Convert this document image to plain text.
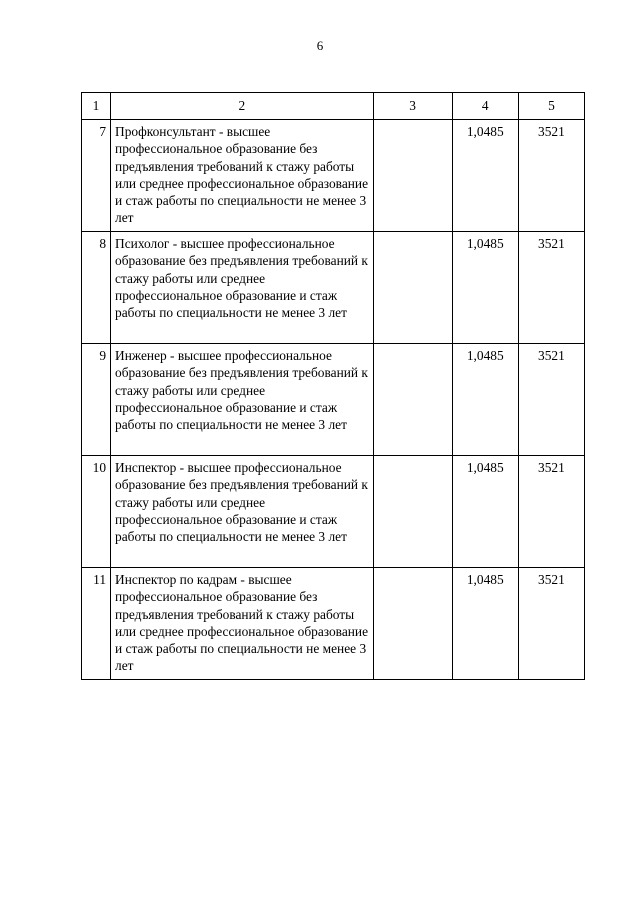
6
1	2	3	4	5
7	Профконсультант - высшее профессиональное образование без предъявления требований к стажу работы или среднее профессиональное образование и стаж работы по специальности не менее 3 лет		1,0485	3521
8	Психолог - высшее профессиональное образование без предъявления требований к стажу работы или среднее профессиональное образование и стаж работы по специальности не менее 3 лет		1,0485	3521
9	Инженер - высшее профессиональное образование без предъявления требований к стажу работы или среднее профессиональное образование и стаж работы по специальности не менее 3 лет		1,0485	3521
10	Инспектор - высшее профессиональное образование без предъявления требований к стажу работы или среднее профессиональное образование и стаж работы по специальности не менее 3 лет		1,0485	3521
11	Инспектор по кадрам - высшее профессиональное образование без предъявления требований к стажу работы или среднее профессиональное образование и стаж работы по специальности не менее 3 лет		1,0485	3521
